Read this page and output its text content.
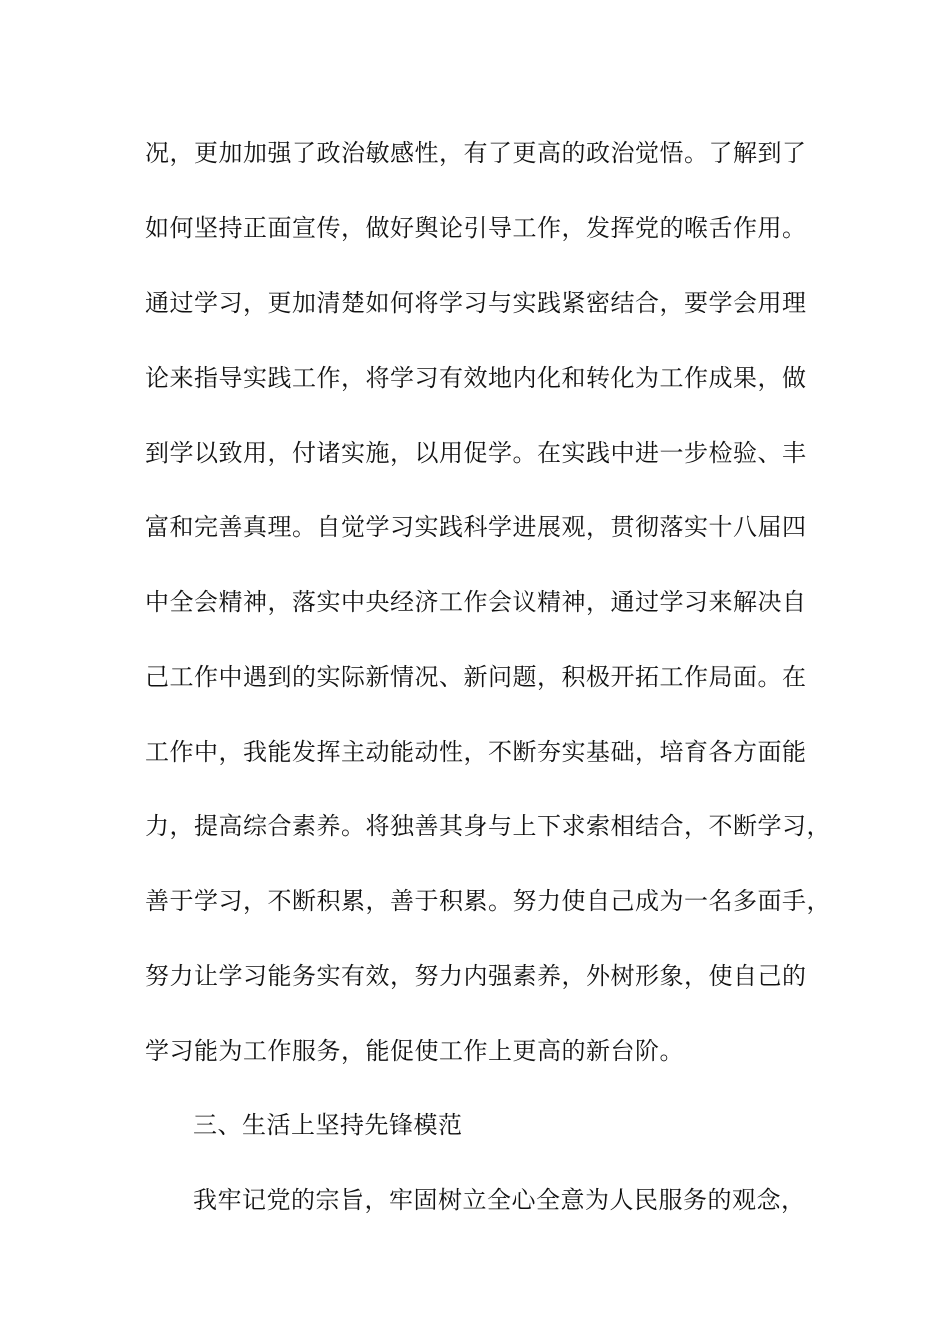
况，更加加强了政治敏感性，有了更高的政治觉悟。了解到了
如何坚持正面宣传，做好舆论引导工作，发挥党的喉舌作用。
通过学习，更加清楚如何将学习与实践紧密结合，要学会用理
论来指导实践工作，将学习有效地内化和转化为工作成果，做
到学以致用，付诸实施，以用促学。在实践中进一步检验、丰
富和完善真理。自觉学习实践科学进展观，贯彻落实十八届四
中全会精神，落实中央经济工作会议精神，通过学习来解决自
己工作中遇到的实际新情况、新问题，积极开拓工作局面。在
工作中，我能发挥主动能动性，不断夯实基础，培育各方面能
力，提高综合素养。将独善其身与上下求索相结合，不断学习，
善于学习，不断积累，善于积累。努力使自己成为一名多面手，
努力让学习能务实有效，努力内强素养，外树形象，使自己的
学习能为工作服务，能促使工作上更高的新台阶。
三、生活上坚持先锋模范
我牢记党的宗旨，牢固树立全心全意为人民服务的观念，
